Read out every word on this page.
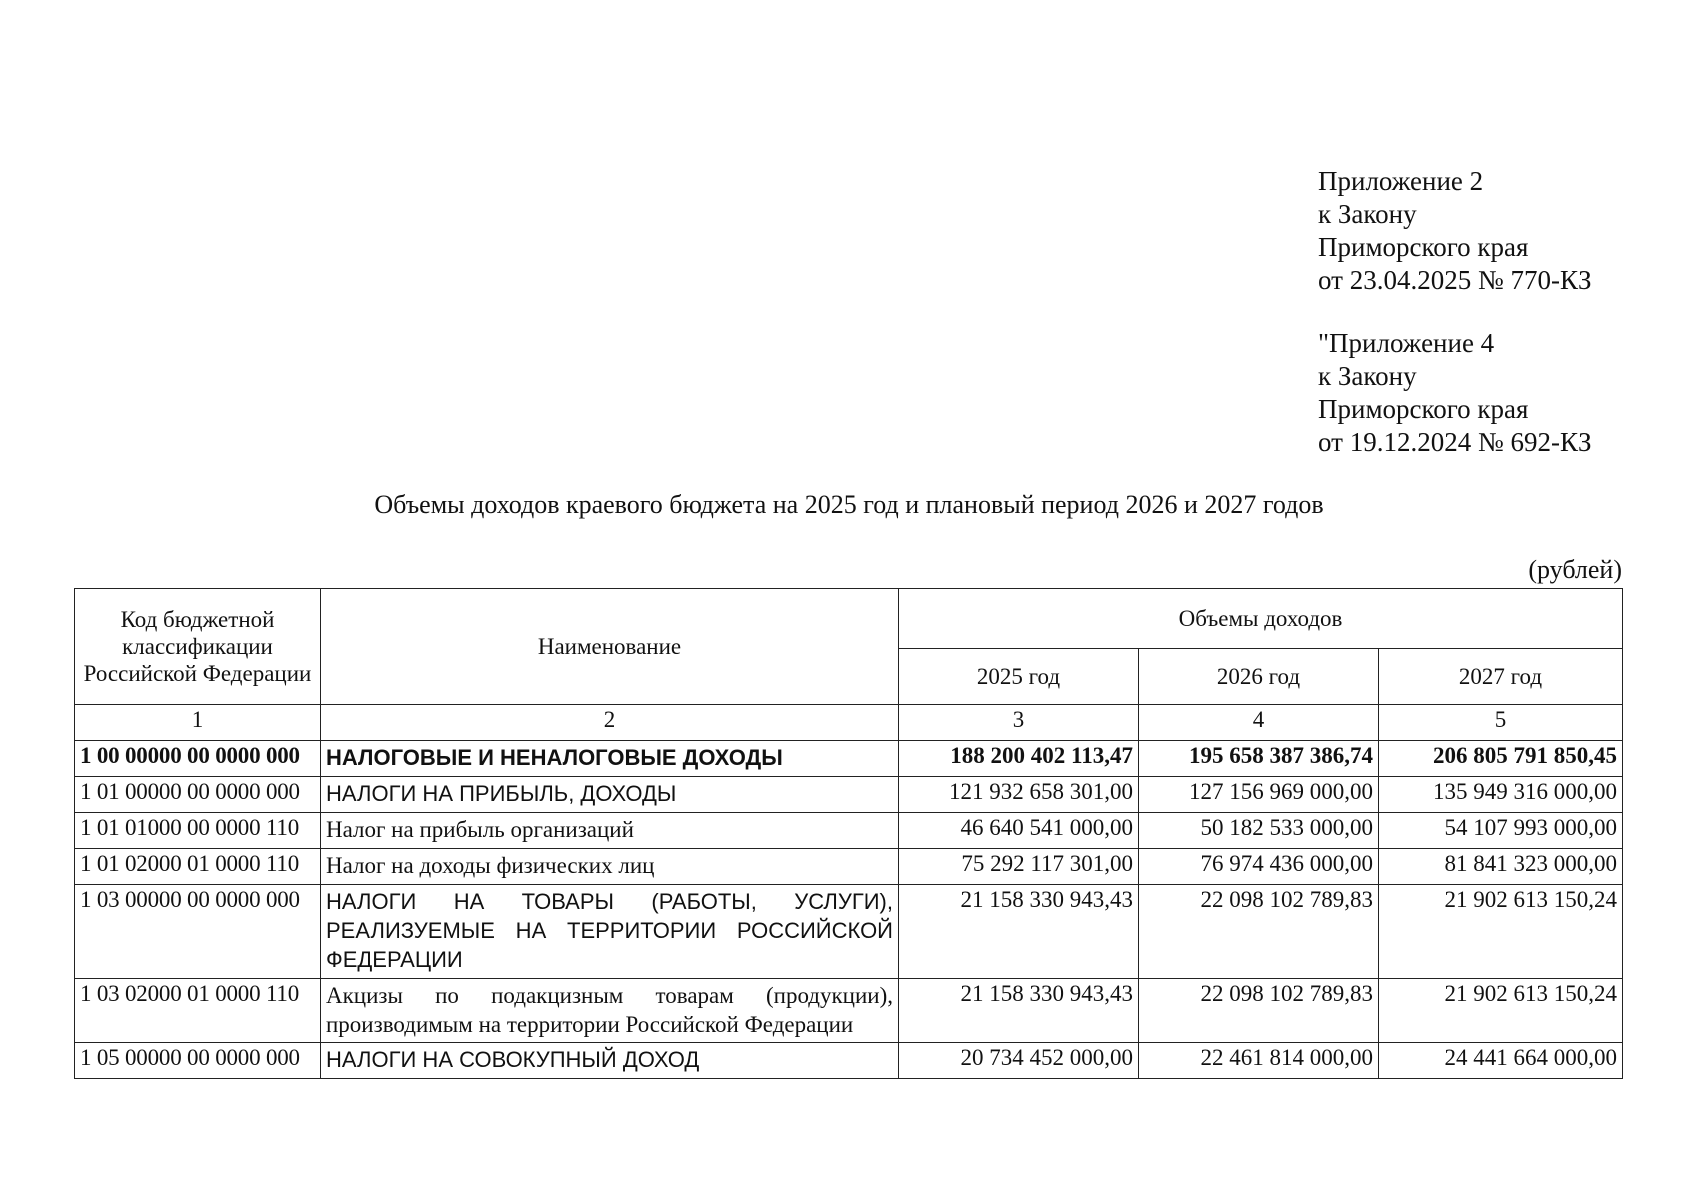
Приложение 2
к Закону
Приморского края
от 23.04.2025 № 770-КЗ
"Приложение 4
к Закону
Приморского края
от 19.12.2024 № 692-КЗ
Объемы доходов краевого бюджета на 2025 год и плановый период 2026 и 2027 годов
(рублей)
Код бюджетной классификации Российской Федерации	Наименование	Объемы доходов		
		2025 год	2026 год	2027 год
1	2	3	4	5
1 00 00000 00 0000 000	НАЛОГОВЫЕ И НЕНАЛОГОВЫЕ ДОХОДЫ	188 200 402 113,47	195 658 387 386,74	206 805 791 850,45
1 01 00000 00 0000 000	НАЛОГИ НА ПРИБЫЛЬ, ДОХОДЫ	121 932 658 301,00	127 156 969 000,00	135 949 316 000,00
1 01 01000 00 0000 110	Налог на прибыль организаций	46 640 541 000,00	50 182 533 000,00	54 107 993 000,00
1 01 02000 01 0000 110	Налог на доходы физических лиц	75 292 117 301,00	76 974 436 000,00	81 841 323 000,00
1 03 00000 00 0000 000	НАЛОГИ НА ТОВАРЫ (РАБОТЫ, УСЛУГИ), РЕАЛИЗУЕМЫЕ НА ТЕРРИТОРИИ РОССИЙСКОЙ ФЕДЕРАЦИИ	21 158 330 943,43	22 098 102 789,83	21 902 613 150,24
1 03 02000 01 0000 110	Акцизы по подакцизным товарам (продукции), производимым на территории Российской Федерации	21 158 330 943,43	22 098 102 789,83	21 902 613 150,24
1 05 00000 00 0000 000	НАЛОГИ НА СОВОКУПНЫЙ ДОХОД	20 734 452 000,00	22 461 814 000,00	24 441 664 000,00
